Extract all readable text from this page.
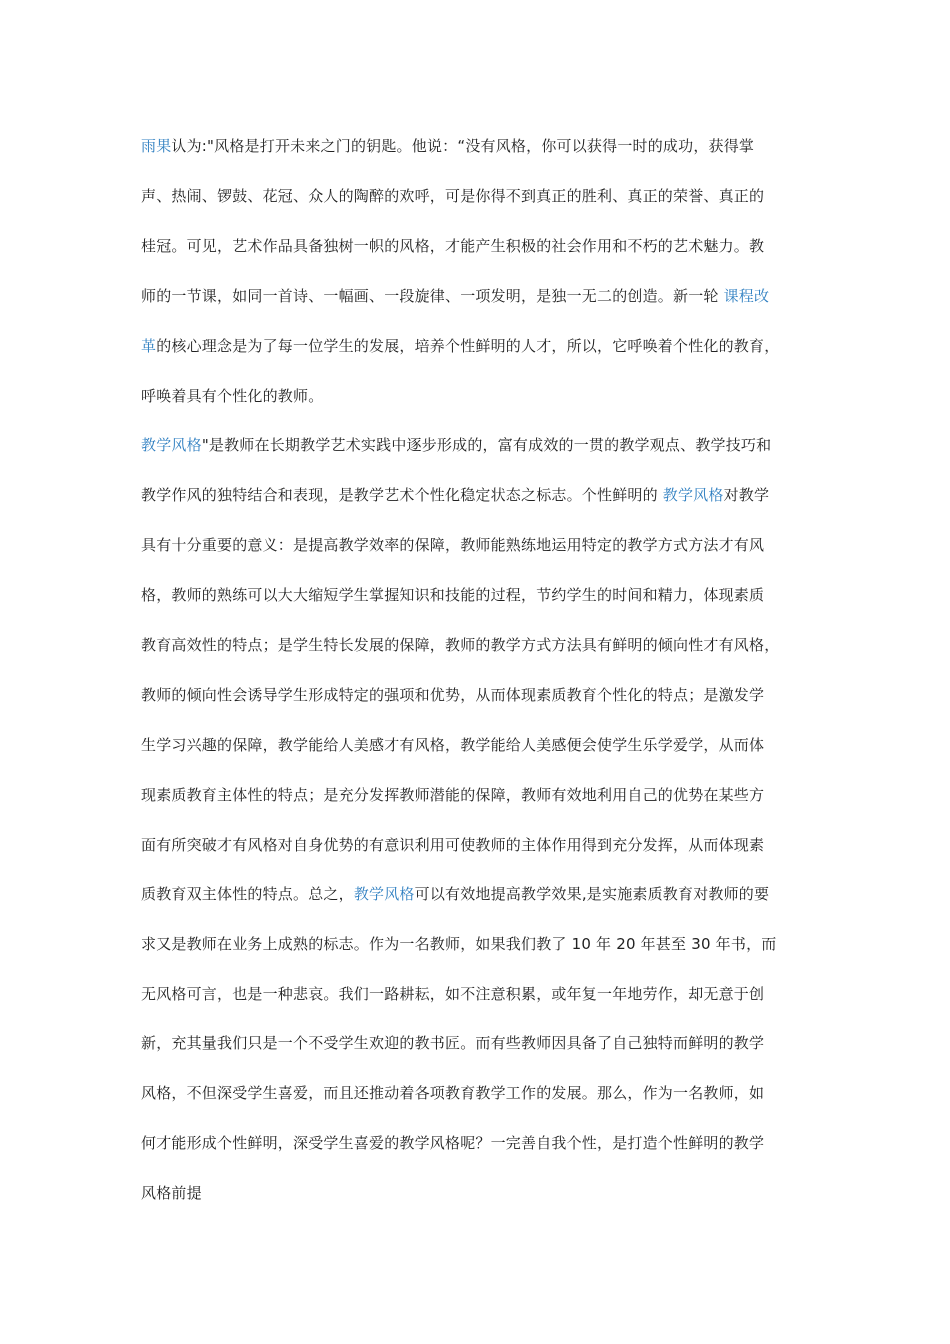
雨果认为:"风格是打开未来之门的钥匙。他说：“没有风格，你可以获得一时的成功，获得掌
声、热闹、锣鼓、花冠、众人的陶醉的欢呼，可是你得不到真正的胜利、真正的荣誉、真正的
桂冠。可见，艺术作品具备独树一帜的风格，才能产生积极的社会作用和不朽的艺术魅力。教
师的一节课，如同一首诗、一幅画、一段旋律、一项发明，是独一无二的创造。新一轮 课程改
革的核心理念是为了每一位学生的发展，培养个性鲜明的人才，所以，它呼唤着个性化的教育，
呼唤着具有个性化的教师。
教学风格"是教师在长期教学艺术实践中逐步形成的，富有成效的一贯的教学观点、教学技巧和
教学作风的独特结合和表现，是教学艺术个性化稳定状态之标志。个性鲜明的 教学风格对教学
具有十分重要的意义：是提高教学效率的保障，教师能熟练地运用特定的教学方式方法才有风
格，教师的熟练可以大大缩短学生掌握知识和技能的过程，节约学生的时间和精力，体现素质
教育高效性的特点；是学生特长发展的保障，教师的教学方式方法具有鲜明的倾向性才有风格，
教师的倾向性会诱导学生形成特定的强项和优势，从而体现素质教育个性化的特点；是激发学
生学习兴趣的保障，教学能给人美感才有风格，教学能给人美感便会使学生乐学爱学，从而体
现素质教育主体性的特点；是充分发挥教师潜能的保障，教师有效地利用自己的优势在某些方
面有所突破才有风格对自身优势的有意识利用可使教师的主体作用得到充分发挥，从而体现素
质教育双主体性的特点。总之，教学风格可以有效地提高教学效果,是实施素质教育对教师的要
求又是教师在业务上成熟的标志。作为一名教师，如果我们教了 10 年 20 年甚至 30 年书，而
无风格可言，也是一种悲哀。我们一路耕耘，如不注意积累，或年复一年地劳作，却无意于创
新，充其量我们只是一个不受学生欢迎的教书匠。而有些教师因具备了自己独特而鲜明的教学
风格，不但深受学生喜爱，而且还推动着各项教育教学工作的发展。那么，作为一名教师，如
何才能形成个性鲜明，深受学生喜爱的教学风格呢？一完善自我个性，是打造个性鲜明的教学
风格前提
